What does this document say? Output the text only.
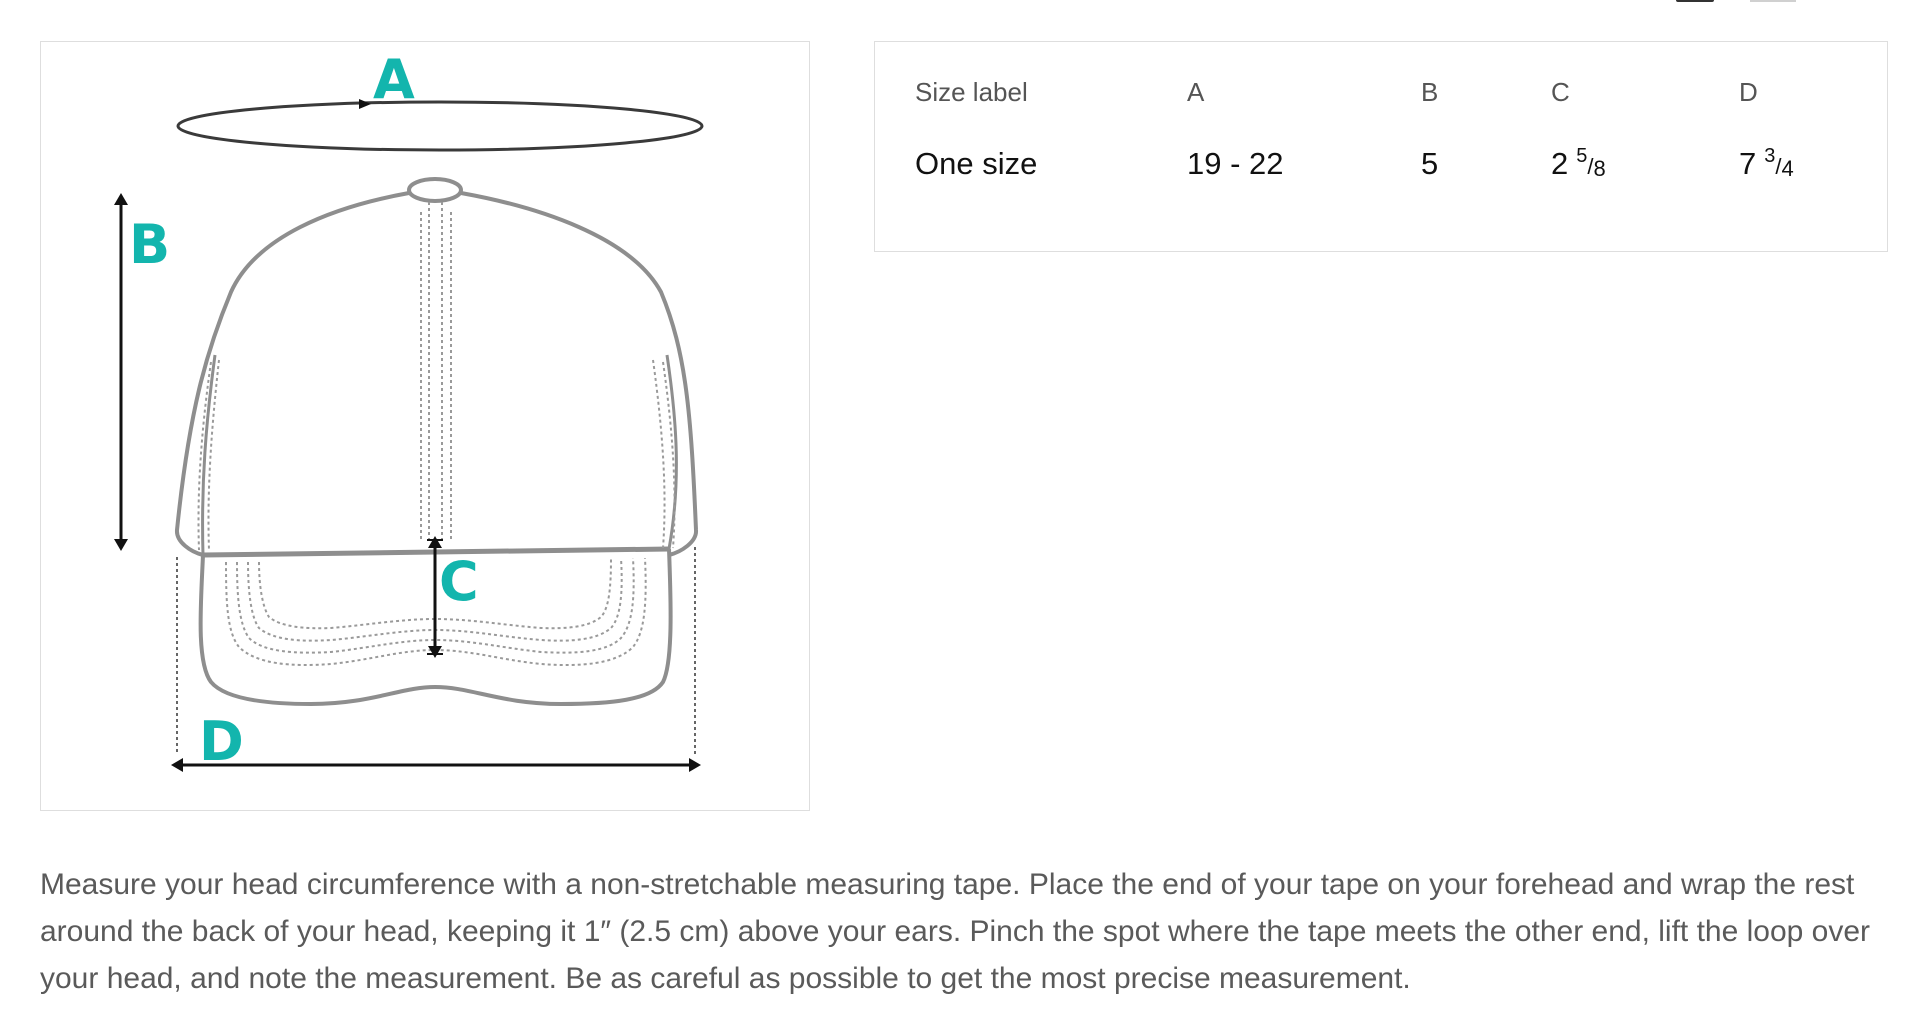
A
B
C
D
Size label	A	B	C	D
One size	19 - 22	5	2 $^5/_8$	7 $^3/_4$

Measure your head circumference with a non-stretchable measuring tape. Place the end of your tape on your forehead and wrap the rest around the back of your head, keeping it 1″ (2.5 cm) above your ears. Pinch the spot where the tape meets the other end, lift the loop over your head, and note the measurement. Be as careful as possible to get the most precise measurement.
